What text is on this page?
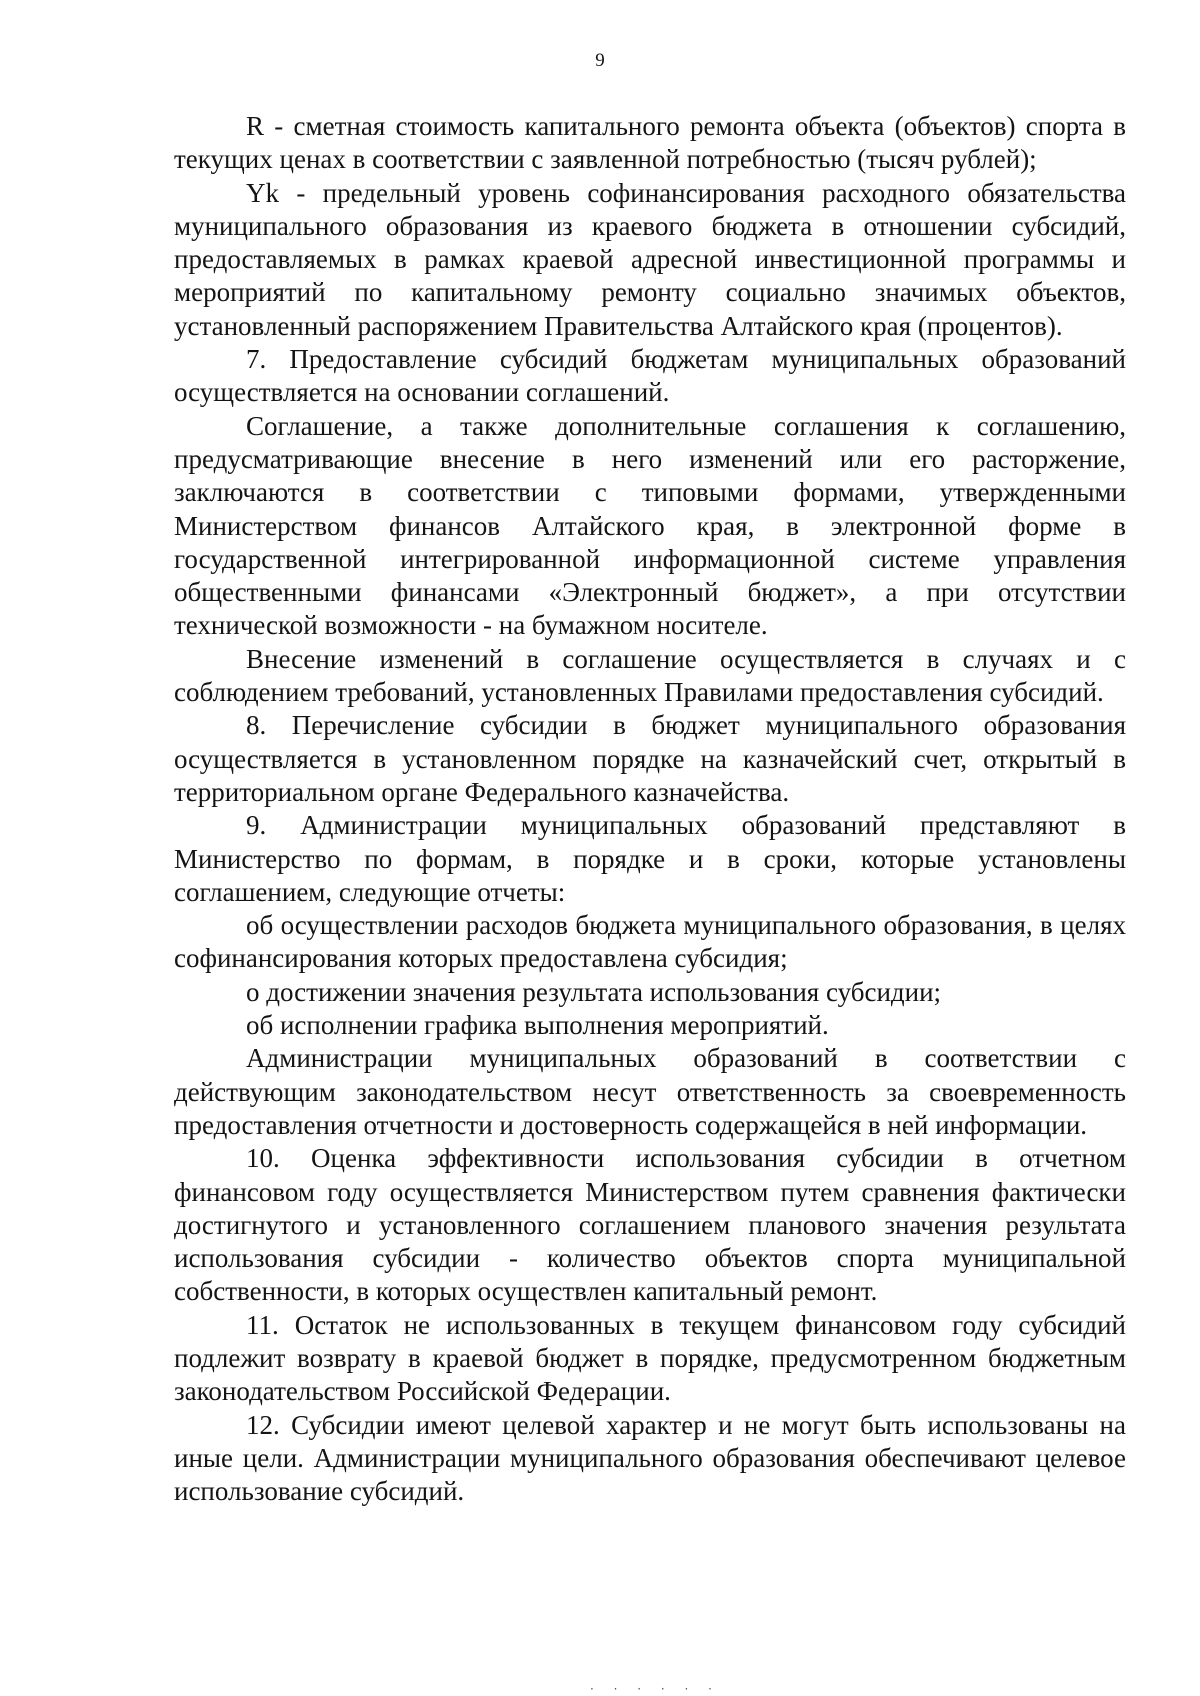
9

R - сметная стоимость капитального ремонта объекта (объектов) спорта в текущих ценах в соответствии с заявленной потребностью (тысяч рублей);

Yk - предельный уровень софинансирования расходного обязательства муниципального образования из краевого бюджета в отношении субсидий, предоставляемых в рамках краевой адресной инвестиционной программы и мероприятий по капитальному ремонту социально значимых объектов, установленный распоряжением Правительства Алтайского края (процентов).

7. Предоставление субсидий бюджетам муниципальных образований осуществляется на основании соглашений.

Соглашение, а также дополнительные соглашения к соглашению, предусматривающие внесение в него изменений или его расторжение, заключаются в соответствии с типовыми формами, утвержденными Министерством финансов Алтайского края, в электронной форме в государственной интегрированной информационной системе управления общественными финансами «Электронный бюджет», а при отсутствии технической возможности - на бумажном носителе.

Внесение изменений в соглашение осуществляется в случаях и с соблюдением требований, установленных Правилами предоставления субсидий.

8. Перечисление субсидии в бюджет муниципального образования осуществляется в установленном порядке на казначейский счет, открытый в территориальном органе Федерального казначейства.

9. Администрации муниципальных образований представляют в Министерство по формам, в порядке и в сроки, которые установлены соглашением, следующие отчеты:

об осуществлении расходов бюджета муниципального образования, в целях софинансирования которых предоставлена субсидия;

о достижении значения результата использования субсидии;

об исполнении графика выполнения мероприятий.

Администрации муниципальных образований в соответствии с действующим законодательством несут ответственность за своевременность предоставления отчетности и достоверность содержащейся в ней информации.

10. Оценка эффективности использования субсидии в отчетном финансовом году осуществляется Министерством путем сравнения фактически достигнутого и установленного соглашением планового значения результата использования субсидии - количество объектов спорта муниципальной собственности, в которых осуществлен капитальный ремонт.

11. Остаток не использованных в текущем финансовом году субсидий подлежит возврату в краевой бюджет в порядке, предусмотренном бюджетным законодательством Российской Федерации.

12. Субсидии имеют целевой характер и не могут быть использованы на иные цели. Администрации муниципального образования обеспечивают целевое использование субсидий.

· · · · · ·
